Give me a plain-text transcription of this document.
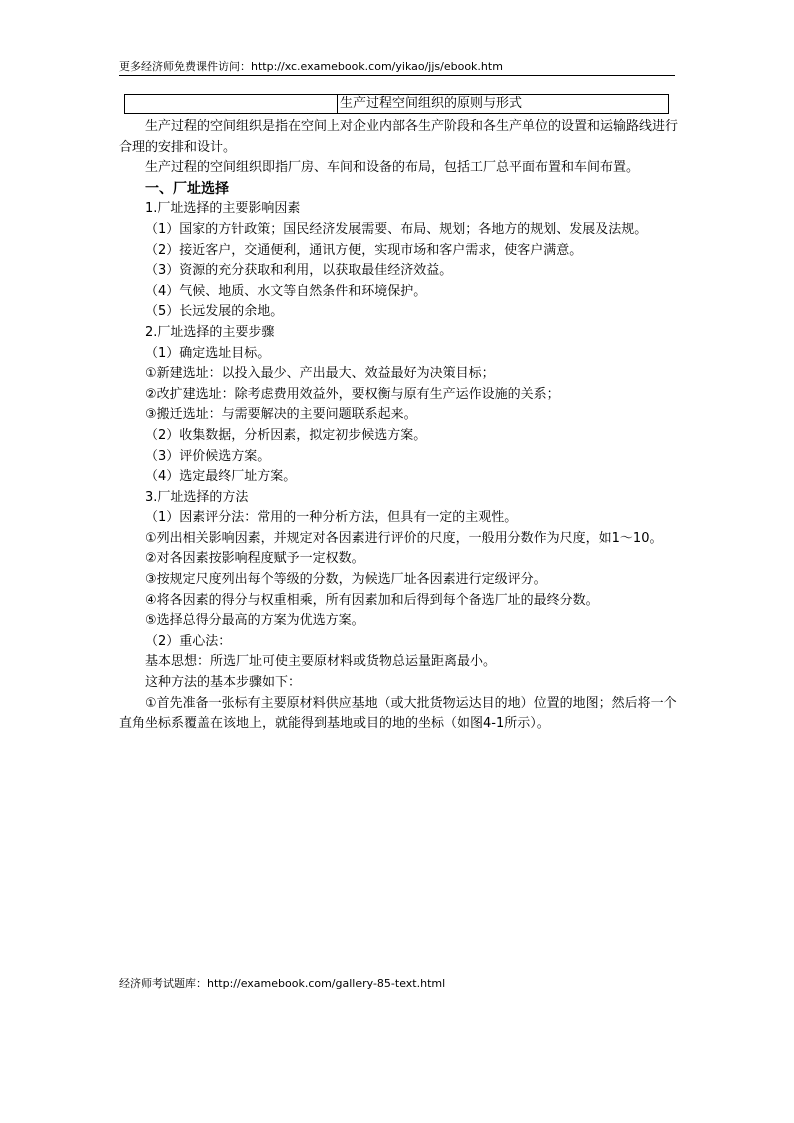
更多经济师免费课件访问：http://xc.examebook.com/yikao/jjs/ebook.htm
	生产过程空间组织的原则与形式

生产过程的空间组织是指在空间上对企业内部各生产阶段和各生产单位的设置和运输路线进行合理的安排和设计。

生产过程的空间组织即指厂房、车间和设备的布局，包括工厂总平面布置和车间布置。

一、厂址选择

1.厂址选择的主要影响因素

（1）国家的方针政策；国民经济发展需要、布局、规划；各地方的规划、发展及法规。

（2）接近客户，交通便利，通讯方便，实现市场和客户需求，使客户满意。

（3）资源的充分获取和利用，以获取最佳经济效益。

（4）气候、地质、水文等自然条件和环境保护。

（5）长远发展的余地。

2.厂址选择的主要步骤

（1）确定选址目标。

①新建选址：以投入最少、产出最大、效益最好为决策目标；

②改扩建选址：除考虑费用效益外，要权衡与原有生产运作设施的关系；

③搬迁选址：与需要解决的主要问题联系起来。

（2）收集数据，分析因素，拟定初步候选方案。

（3）评价候选方案。

（4）选定最终厂址方案。

3.厂址选择的方法

（1）因素评分法：常用的一种分析方法，但具有一定的主观性。

①列出相关影响因素，并规定对各因素进行评价的尺度，一般用分数作为尺度，如1～10。

②对各因素按影响程度赋予一定权数。

③按规定尺度列出每个等级的分数，为候选厂址各因素进行定级评分。

④将各因素的得分与权重相乘，所有因素加和后得到每个备选厂址的最终分数。

⑤选择总得分最高的方案为优选方案。

（2）重心法：

基本思想：所选厂址可使主要原材料或货物总运量距离最小。

这种方法的基本步骤如下：

①首先准备一张标有主要原材料供应基地（或大批货物运达目的地）位置的地图；然后将一个直角坐标系覆盖在该地上，就能得到基地或目的地的坐标（如图4-1所示）。

经济师考试题库：http://examebook.com/gallery-85-text.html
